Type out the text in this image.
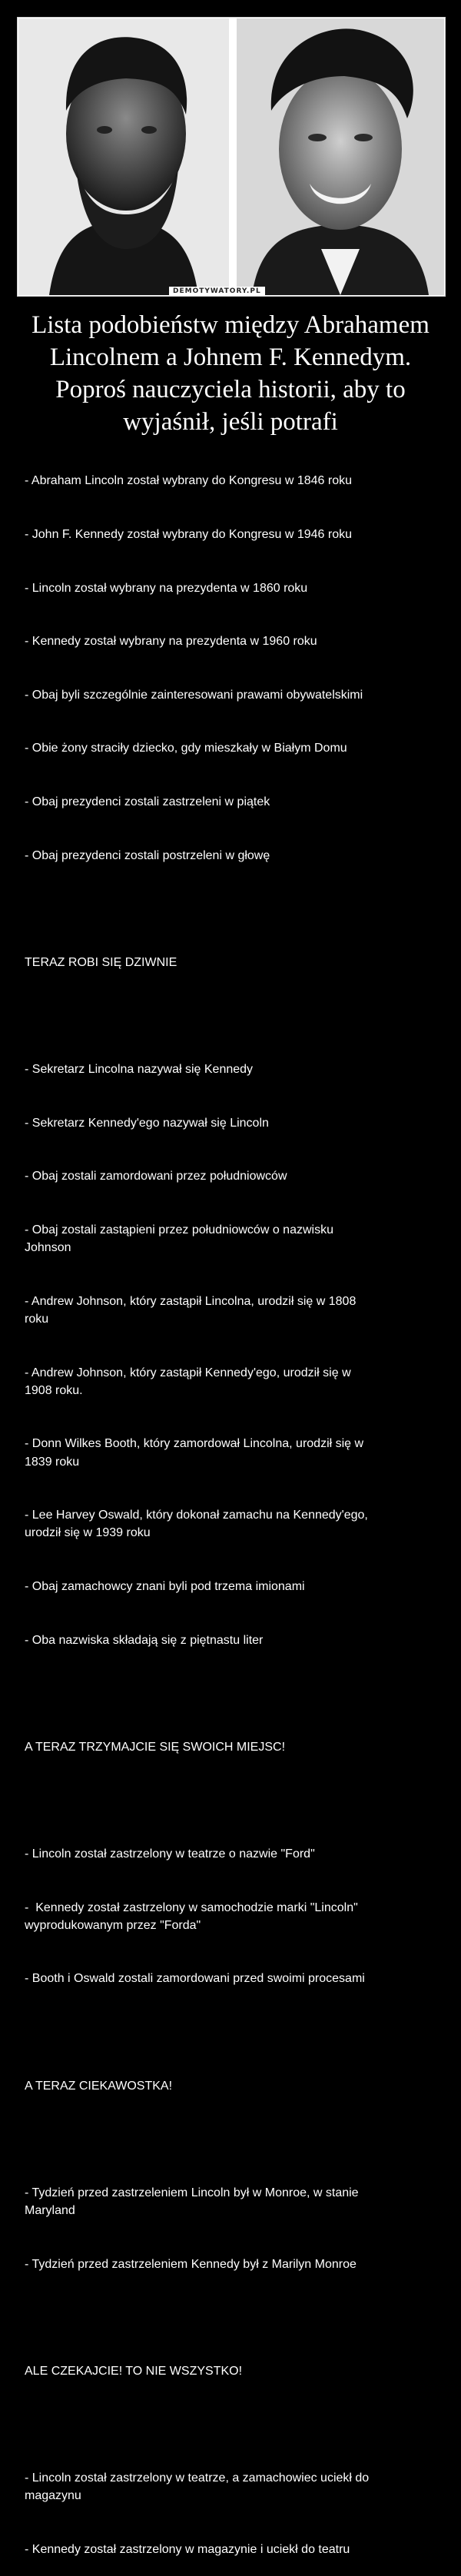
DEMOTYWATORY.PL
Lista podobieństw między Abrahamem
Lincolnem a Johnem F. Kennedym.
Poproś nauczyciela historii, aby to
wyjaśnił, jeśli potrafi

- Abraham Lincoln został wybrany do Kongresu w 1846 roku

- John F. Kennedy został wybrany do Kongresu w 1946 roku

- Lincoln został wybrany na prezydenta w 1860 roku

- Kennedy został wybrany na prezydenta w 1960 roku

- Obaj byli szczególnie zainteresowani prawami obywatelskimi

- Obie żony straciły dziecko, gdy mieszkały w Białym Domu

- Obaj prezydenci zostali zastrzeleni w piątek

- Obaj prezydenci zostali postrzeleni w głowę

TERAZ ROBI SIĘ DZIWNIE

- Sekretarz Lincolna nazywał się Kennedy

- Sekretarz Kennedy'ego nazywał się Lincoln

- Obaj zostali zamordowani przez południowców

- Obaj zostali zastąpieni przez południowców o nazwisku
Johnson

- Andrew Johnson, który zastąpił Lincolna, urodził się w 1808
roku

- Andrew Johnson, który zastąpił Kennedy'ego, urodził się w
1908 roku.

- Donn Wilkes Booth, który zamordował Lincolna, urodził się w
1839 roku

- Lee Harvey Oswald, który dokonał zamachu na Kennedy'ego,
urodził się w 1939 roku

- Obaj zamachowcy znani byli pod trzema imionami

- Oba nazwiska składają się z piętnastu liter

A TERAZ TRZYMAJCIE SIĘ SWOICH MIEJSC!

- Lincoln został zastrzelony w teatrze o nazwie "Ford"

-  Kennedy został zastrzelony w samochodzie marki "Lincoln"
wyprodukowanym przez "Forda"

- Booth i Oswald zostali zamordowani przed swoimi procesami

A TERAZ CIEKAWOSTKA!

- Tydzień przed zastrzeleniem Lincoln był w Monroe, w stanie
Maryland

- Tydzień przed zastrzeleniem Kennedy był z Marilyn Monroe

ALE CZEKAJCIE! TO NIE WSZYSTKO!

- Lincoln został zastrzelony w teatrze, a zamachowiec uciekł do
magazynu

- Kennedy został zastrzelony w magazynie i uciekł do teatru
